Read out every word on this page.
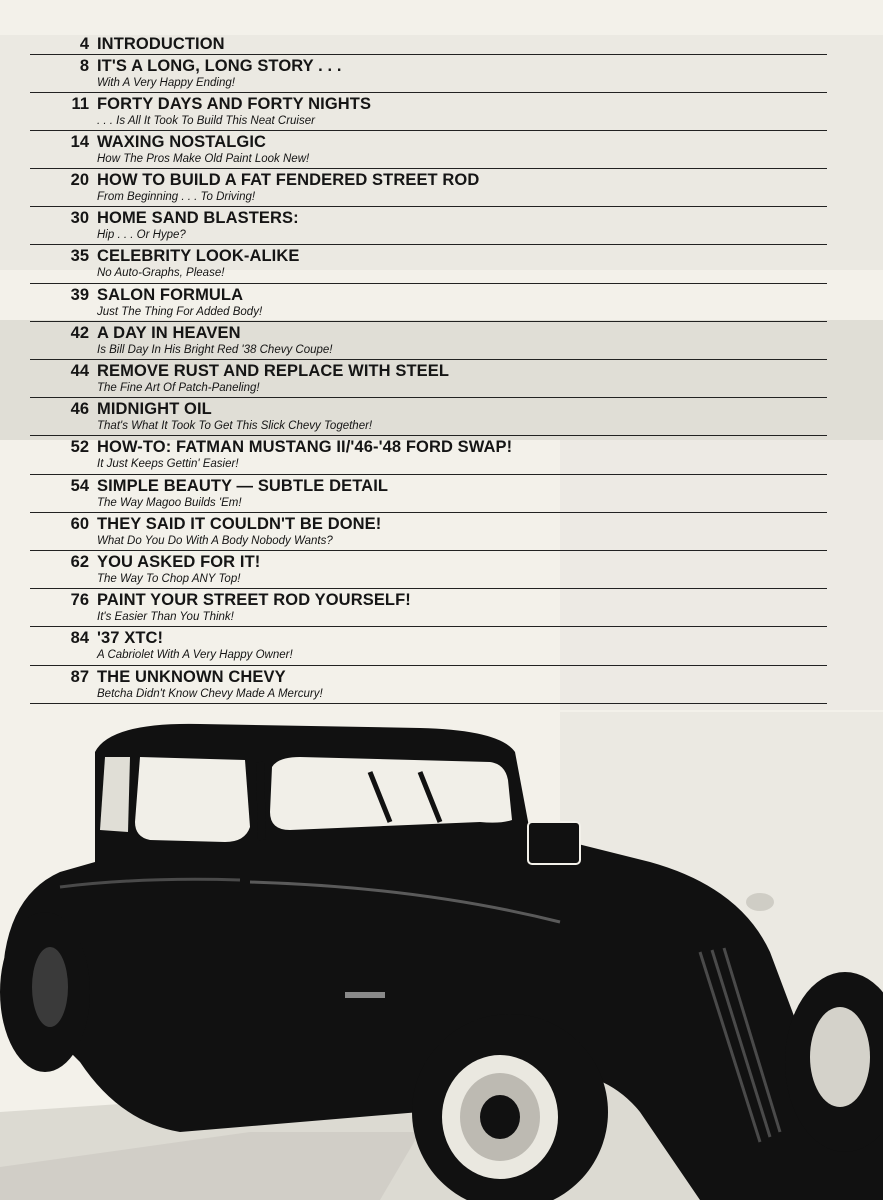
4 INTRODUCTION
8 IT'S A LONG, LONG STORY . . .
With A Very Happy Ending!
11 FORTY DAYS AND FORTY NIGHTS
. . . Is All It Took To Build This Neat Cruiser
14 WAXING NOSTALGIC
How The Pros Make Old Paint Look New!
20 HOW TO BUILD A FAT FENDERED STREET ROD
From Beginning . . . To Driving!
30 HOME SAND BLASTERS:
Hip . . . Or Hype?
35 CELEBRITY LOOK-ALIKE
No Auto-Graphs, Please!
39 SALON FORMULA
Just The Thing For Added Body!
42 A DAY IN HEAVEN
Is Bill Day In His Bright Red '38 Chevy Coupe!
44 REMOVE RUST AND REPLACE WITH STEEL
The Fine Art Of Patch-Paneling!
46 MIDNIGHT OIL
That's What It Took To Get This Slick Chevy Together!
52 HOW-TO: FATMAN MUSTANG II/'46-'48 FORD SWAP!
It Just Keeps Gettin' Easier!
54 SIMPLE BEAUTY — SUBTLE DETAIL
The Way Magoo Builds 'Em!
60 THEY SAID IT COULDN'T BE DONE!
What Do You Do With A Body Nobody Wants?
62 YOU ASKED FOR IT!
The Way To Chop ANY Top!
76 PAINT YOUR STREET ROD YOURSELF!
It's Easier Than You Think!
84 '37 XTC!
A Cabriolet With A Very Happy Owner!
87 THE UNKNOWN CHEVY
Betcha Didn't Know Chevy Made A Mercury!
